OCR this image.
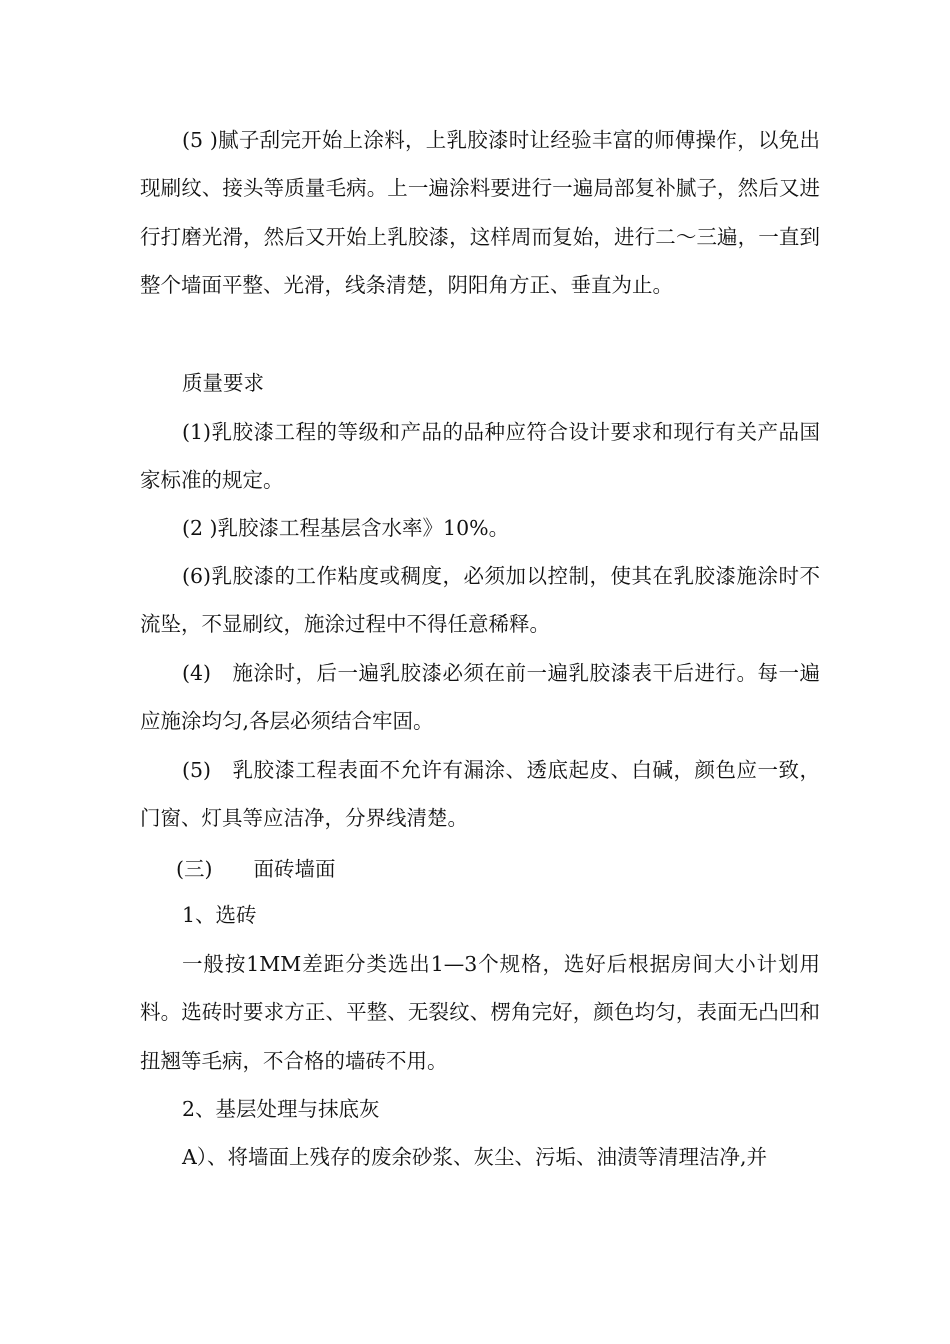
(5 )腻子刮完开始上涂料，上乳胶漆时让经验丰富的师傅操作，以免出现刷纹、接头等质量毛病。上一遍涂料要进行一遍局部复补腻子，然后又进行打磨光滑，然后又开始上乳胶漆，这样周而复始，进行二〜三遍，一直到整个墙面平整、光滑，线条清楚，阴阳角方正、垂直为止。

质量要求

(1)乳胶漆工程的等级和产品的品种应符合设计要求和现行有关产品国家标准的规定。

(2 )乳胶漆工程基层含水率》10%。

(6)乳胶漆的工作粘度或稠度，必须加以控制，使其在乳胶漆施涂时不流坠，不显刷纹，施涂过程中不得任意稀释。

(4)　施涂时，后一遍乳胶漆必须在前一遍乳胶漆表干后进行。每一遍应施涂均匀,各层必须结合牢固。

(5)　乳胶漆工程表面不允许有漏涂、透底起皮、白碱，颜色应一致，门窗、灯具等应洁净，分界线清楚。

(三)　　面砖墙面

1、选砖

一般按1MM差距分类选出1—3个规格，选好后根据房间大小计划用料。选砖时要求方正、平整、无裂纹、楞角完好，颜色均匀，表面无凸凹和扭翘等毛病，不合格的墙砖不用。

2、基层处理与抹底灰

A）、将墙面上残存的废余砂浆、灰尘、污垢、油渍等清理洁净,并
